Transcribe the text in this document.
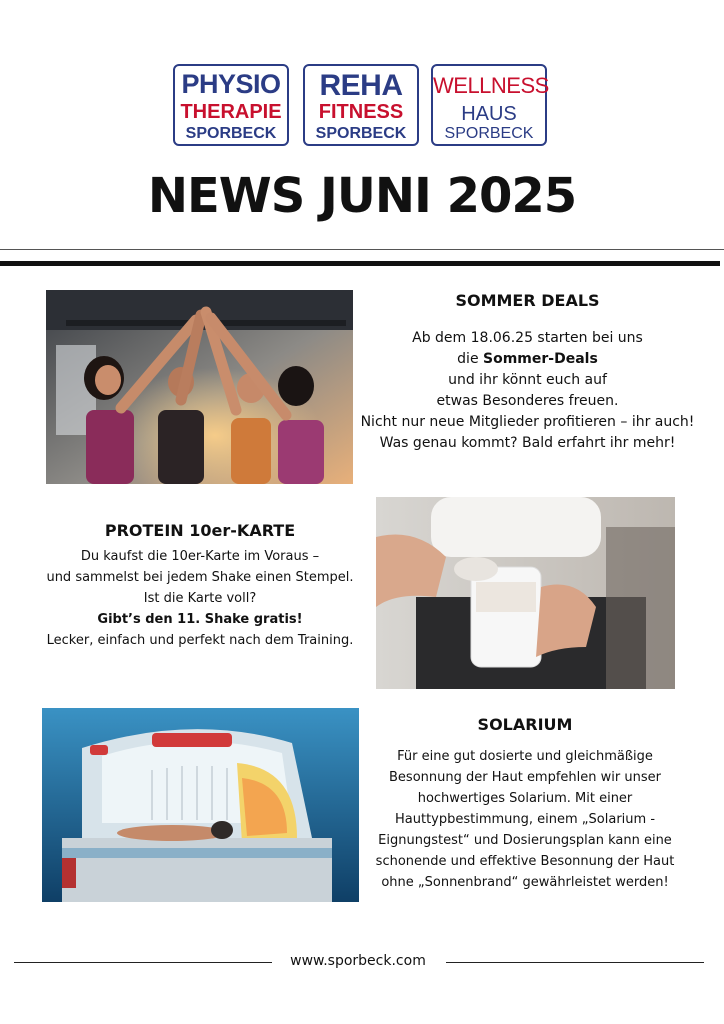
PHYSIO
THERAPIE
SPORBECK
REHA
FITNESS
SPORBECK
WELLNESS
HAUS
SPORBECK
NEWS JUNI 2025
SOMMER DEALS

Ab dem 18.06.25 starten bei uns

die Sommer-Deals

und ihr könnt euch auf

etwas Besonderes freuen.

Nicht nur neue Mitglieder profitieren – ihr auch!

Was genau kommt? Bald erfahrt ihr mehr!

PROTEIN 10er-KARTE

Du kaufst die 10er-Karte im Voraus –

und sammelst bei jedem Shake einen Stempel.

Ist die Karte voll?

Gibt’s den 11. Shake gratis!

Lecker, einfach und perfekt nach dem Training.

SOLARIUM

Für eine gut dosierte und gleichmäßige

Besonnung der Haut empfehlen wir unser

hochwertiges Solarium. Mit einer

Hauttypbestimmung, einem „Solarium -

Eignungstest“ und Dosierungsplan kann eine

schonende und effektive Besonnung der Haut

ohne „Sonnenbrand“ gewährleistet werden!

www.sporbeck.com
